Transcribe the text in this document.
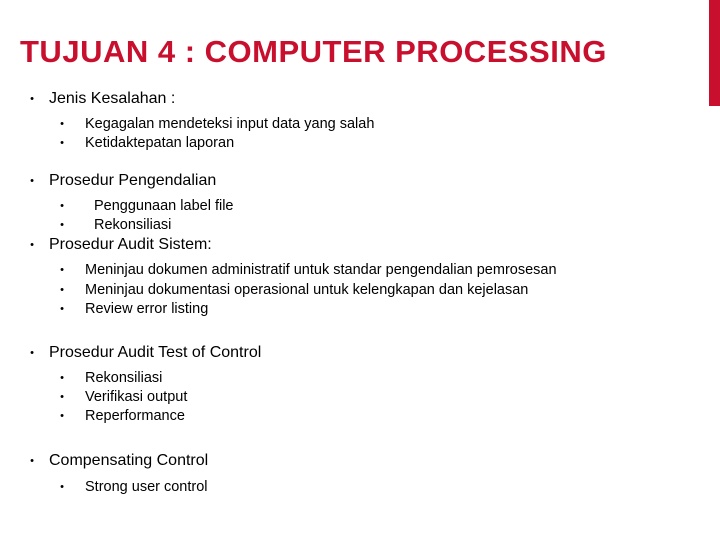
TUJUAN 4 : COMPUTER PROCESSING
• Jenis Kesalahan :
• Kegagalan mendeteksi input data yang salah
• Ketidaktepatan laporan
• Prosedur Pengendalian
• Penggunaan label file
• Rekonsiliasi
• Prosedur Audit Sistem:
• Meninjau dokumen administratif untuk standar pengendalian pemrosesan
• Meninjau dokumentasi operasional untuk kelengkapan dan kejelasan
• Review error listing
• Prosedur Audit Test of Control
• Rekonsiliasi
• Verifikasi output
• Reperformance
• Compensating Control
• Strong user control
